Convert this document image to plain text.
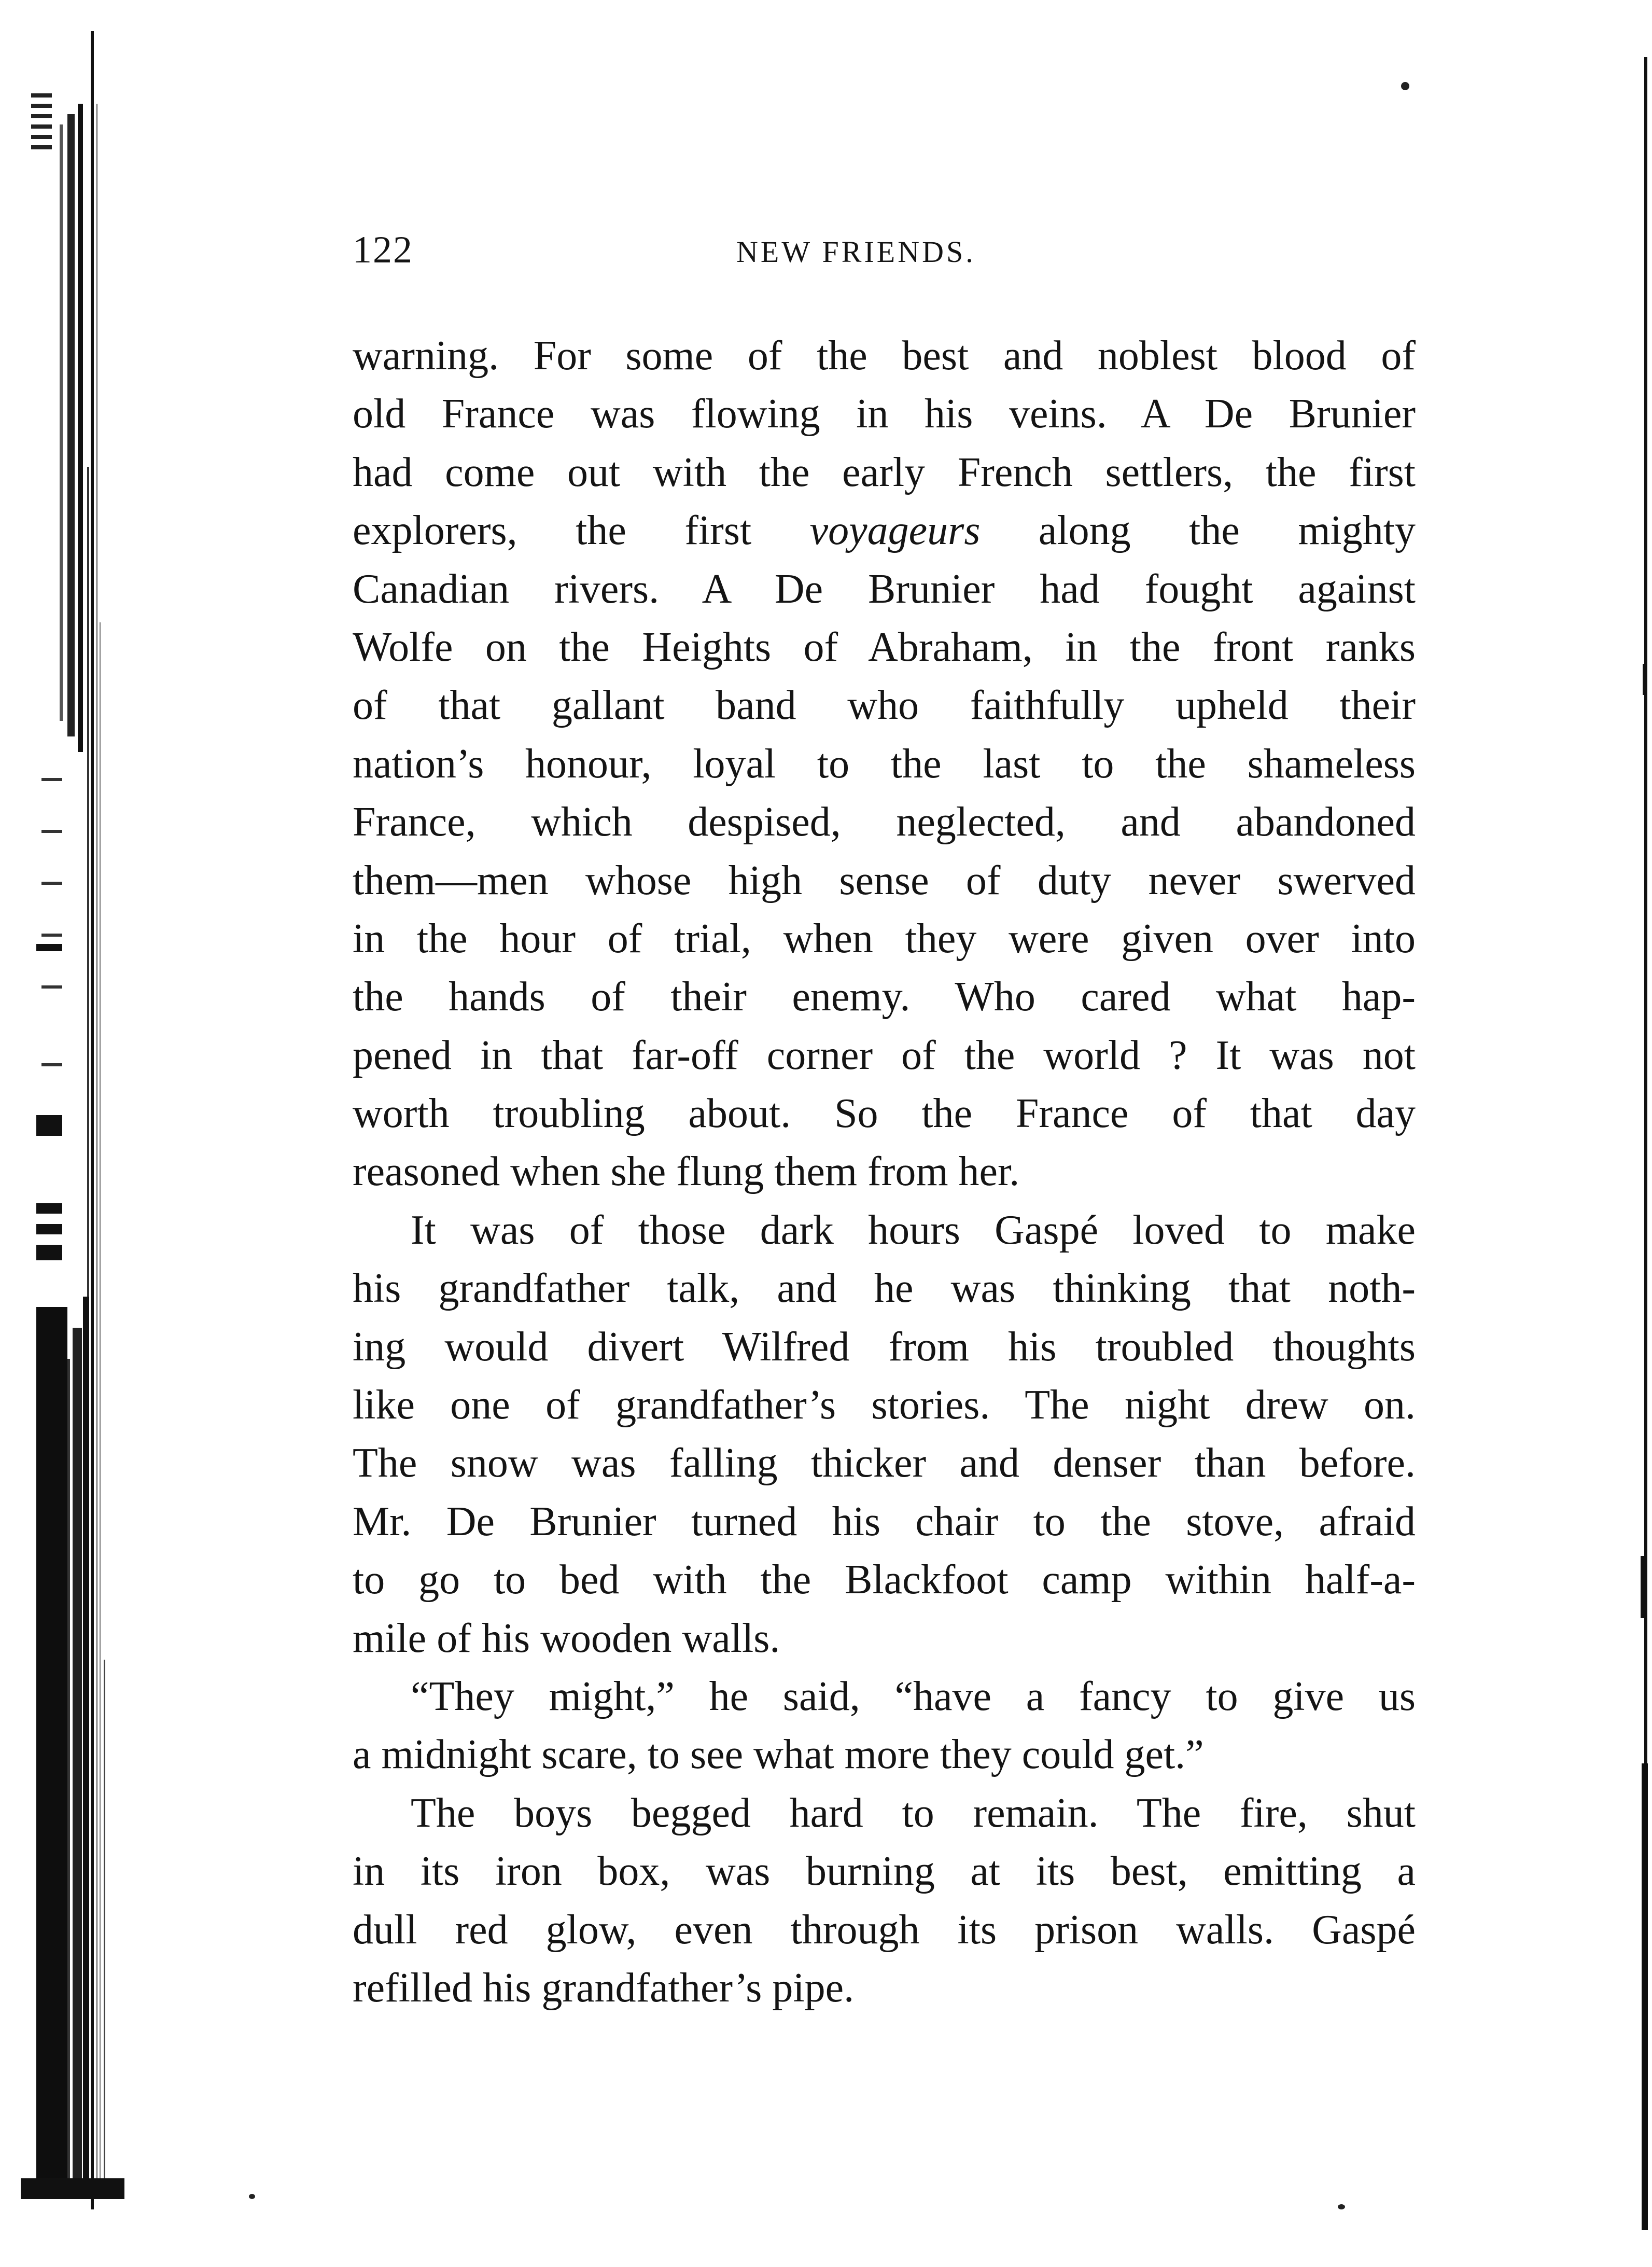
122	NEW FRIENDS.
warning. For some of the best and noblest blood of
old France was flowing in his veins. A De Brunier
had come out with the early French settlers, the first
explorers, the first voyageurs along the mighty
Canadian rivers. A De Brunier had fought against
Wolfe on the Heights of Abraham, in the front ranks
of that gallant band who faithfully upheld their
nation’s honour, loyal to the last to the shameless
France, which despised, neglected, and abandoned
them—men whose high sense of duty never swerved
in the hour of trial, when they were given over into
the hands of their enemy. Who cared what hap-
pened in that far-off corner of the world ? It was not
worth troubling about. So the France of that day
reasoned when she flung them from her.
It was of those dark hours Gaspé loved to make
his grandfather talk, and he was thinking that noth-
ing would divert Wilfred from his troubled thoughts
like one of grandfather’s stories. The night drew on.
The snow was falling thicker and denser than before.
Mr. De Brunier turned his chair to the stove, afraid
to go to bed with the Blackfoot camp within half-a-
mile of his wooden walls.
“They might,” he said, “have a fancy to give us
a midnight scare, to see what more they could get.”
The boys begged hard to remain. The fire, shut
in its iron box, was burning at its best, emitting a
dull red glow, even through its prison walls. Gaspé
refilled his grandfather’s pipe.
